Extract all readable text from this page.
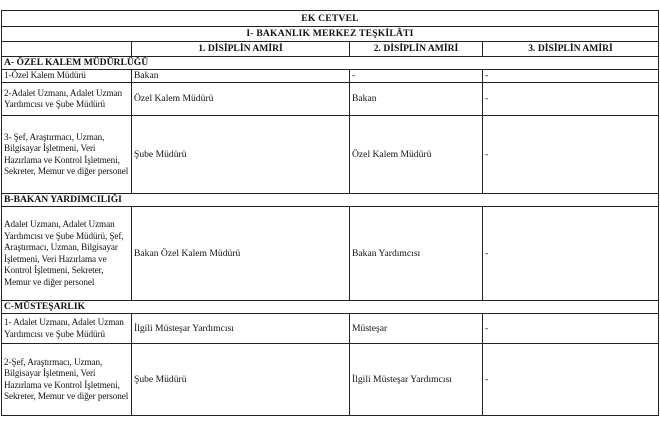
EK CETVEL			
I- BAKANLIK MERKEZ TEŞKİLÂTI			
	1. DİSİPLİN AMİRİ	2. DİSİPLİN AMİRİ	3. DİSİPLİN AMİRİ
A- ÖZEL KALEM MÜDÜRLÜĞÜ			
1-Özel Kalem Müdürü	Bakan	-	-
2-Adalet Uzmanı, Adalet Uzman Yardımcısı ve Şube Müdürü	Özel Kalem Müdürü	Bakan	-
3- Şef, Araştırmacı, Uzman, Bilgisayar İşletmeni, Veri Hazırlama ve Kontrol İşletmeni, Sekreter, Memur ve diğer personel	Şube Müdürü	Özel Kalem Müdürü	-
B-BAKAN YARDIMCILIĞI			
Adalet Uzmanı, Adalet Uzman Yardımcısı ve Şube Müdürü, Şef, Araştırmacı, Uzman, Bilgisayar İşletmeni, Veri Hazırlama ve Kontrol İşletmeni, Sekreter, Memur ve diğer personel	Bakan Özel Kalem Müdürü	Bakan Yardımcısı	-
C-MÜSTEŞARLIK			
1- Adalet Uzmanı, Adalet Uzman Yardımcısı ve Şube Müdürü	İlgili Müsteşar Yardımcısı	Müsteşar	-
2-Şef, Araştırmacı, Uzman, Bilgisayar İşletmeni, Veri Hazırlama ve Kontrol İşletmeni, Sekreter, Memur ve diğer personel	Şube Müdürü	İlgili Müsteşar Yardımcısı	-
